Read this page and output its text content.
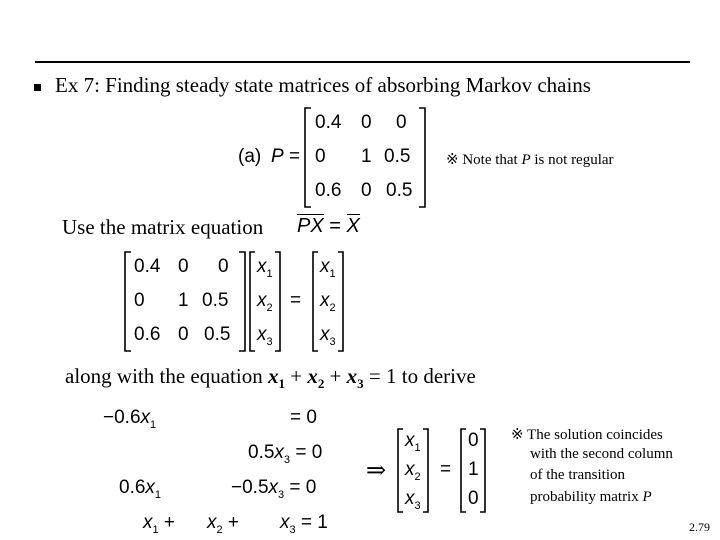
Ex 7: Finding steady state matrices of absorbing Markov chains
(a) P =
0.4 0 0
0 1 0.5
0.6 0 0.5
※ Note that P is not regular
Use the matrix equation P
X = X
0.4 0 0
0 1 0.5
0.6 0 0.5
$x_1$
$x_2$
$x_3$
=
$x_1$
$x_2$
$x_3$
along with the equation $x_1 + x_2 + x_3 = 1$ to derive
$-0.6x_1$	= 0
$0.5x_3 = 0$
$0.6x_1$	$-0.5x_3 = 0$
$x_1 + x_2 + x_3 = 1$
⇒
$x_1$
$x_2$
$x_3$
=
0
1
0
※ The solution coincides
with the second column
of the transition
probability matrix P
2.79
